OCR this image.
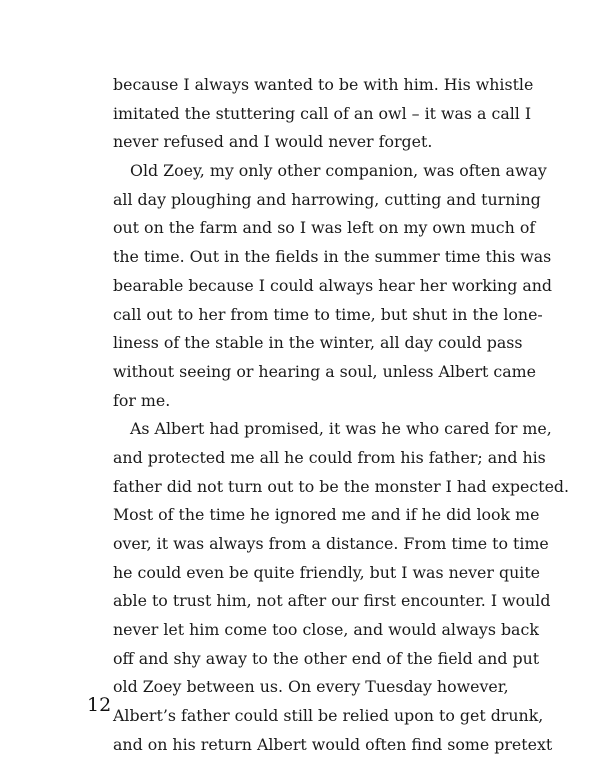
because I always wanted to be with him. His whistle
imitated the stuttering call of an owl – it was a call I
never refused and I would never forget.
Old Zoey, my only other companion, was often away
all day ploughing and harrowing, cutting and turning
out on the farm and so I was left on my own much of
the time. Out in the fields in the summer time this was
bearable because I could always hear her working and
call out to her from time to time, but shut in the lone-
liness of the stable in the winter, all day could pass
without seeing or hearing a soul, unless Albert came
for me.
As Albert had promised, it was he who cared for me,
and protected me all he could from his father; and his
father did not turn out to be the monster I had expected.
Most of the time he ignored me and if he did look me
over, it was always from a distance. From time to time
he could even be quite friendly, but I was never quite
able to trust him, not after our first encounter. I would
never let him come too close, and would always back
off and shy away to the other end of the field and put
old Zoey between us. On every Tuesday however,
Albert’s father could still be relied upon to get drunk,
and on his return Albert would often find some pretext
12
